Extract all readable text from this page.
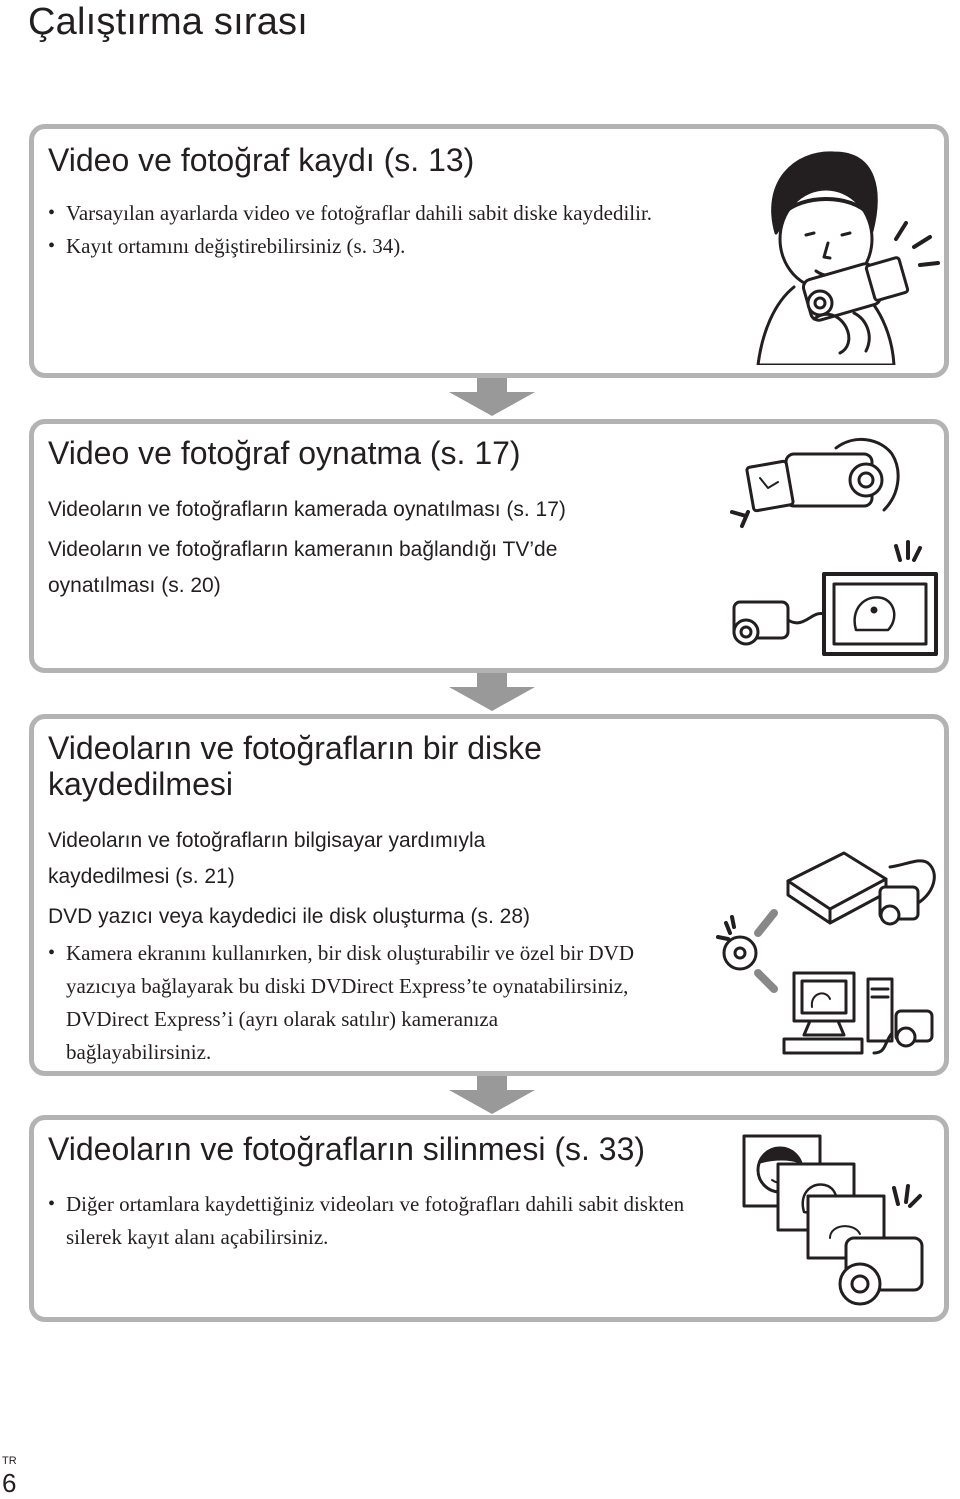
Çalıştırma sırası
Video ve fotoğraf kaydı (s. 13)
• Varsayılan ayarlarda video ve fotoğraflar dahili sabit diske kaydedilir.
• Kayıt ortamını değiştirebilirsiniz (s. 34).
Video ve fotoğraf oynatma (s. 17)

Videoların ve fotoğrafların kamerada oynatılması (s. 17)

Videoların ve fotoğrafların kameranın bağlandığı TV’de

oynatılması (s. 20)

Videoların ve fotoğrafların bir diske
kaydedilmesi

Videoların ve fotoğrafların bilgisayar yardımıyla

kaydedilmesi (s. 21)

DVD yazıcı veya kaydedici ile disk oluşturma (s. 28)

• Kamera ekranını kullanırken, bir disk oluşturabilir ve özel bir DVD yazıcıya bağlayarak bu diski DVDirect Express’te oynatabilirsiniz, DVDirect Express’i (ayrı olarak satılır) kameranıza bağlayabilirsiniz.
Videoların ve fotoğrafların silinmesi (s. 33)
• Diğer ortamlara kaydettiğiniz videoları ve fotoğrafları dahili sabit diskten silerek kayıt alanı açabilirsiniz.
TR
6
